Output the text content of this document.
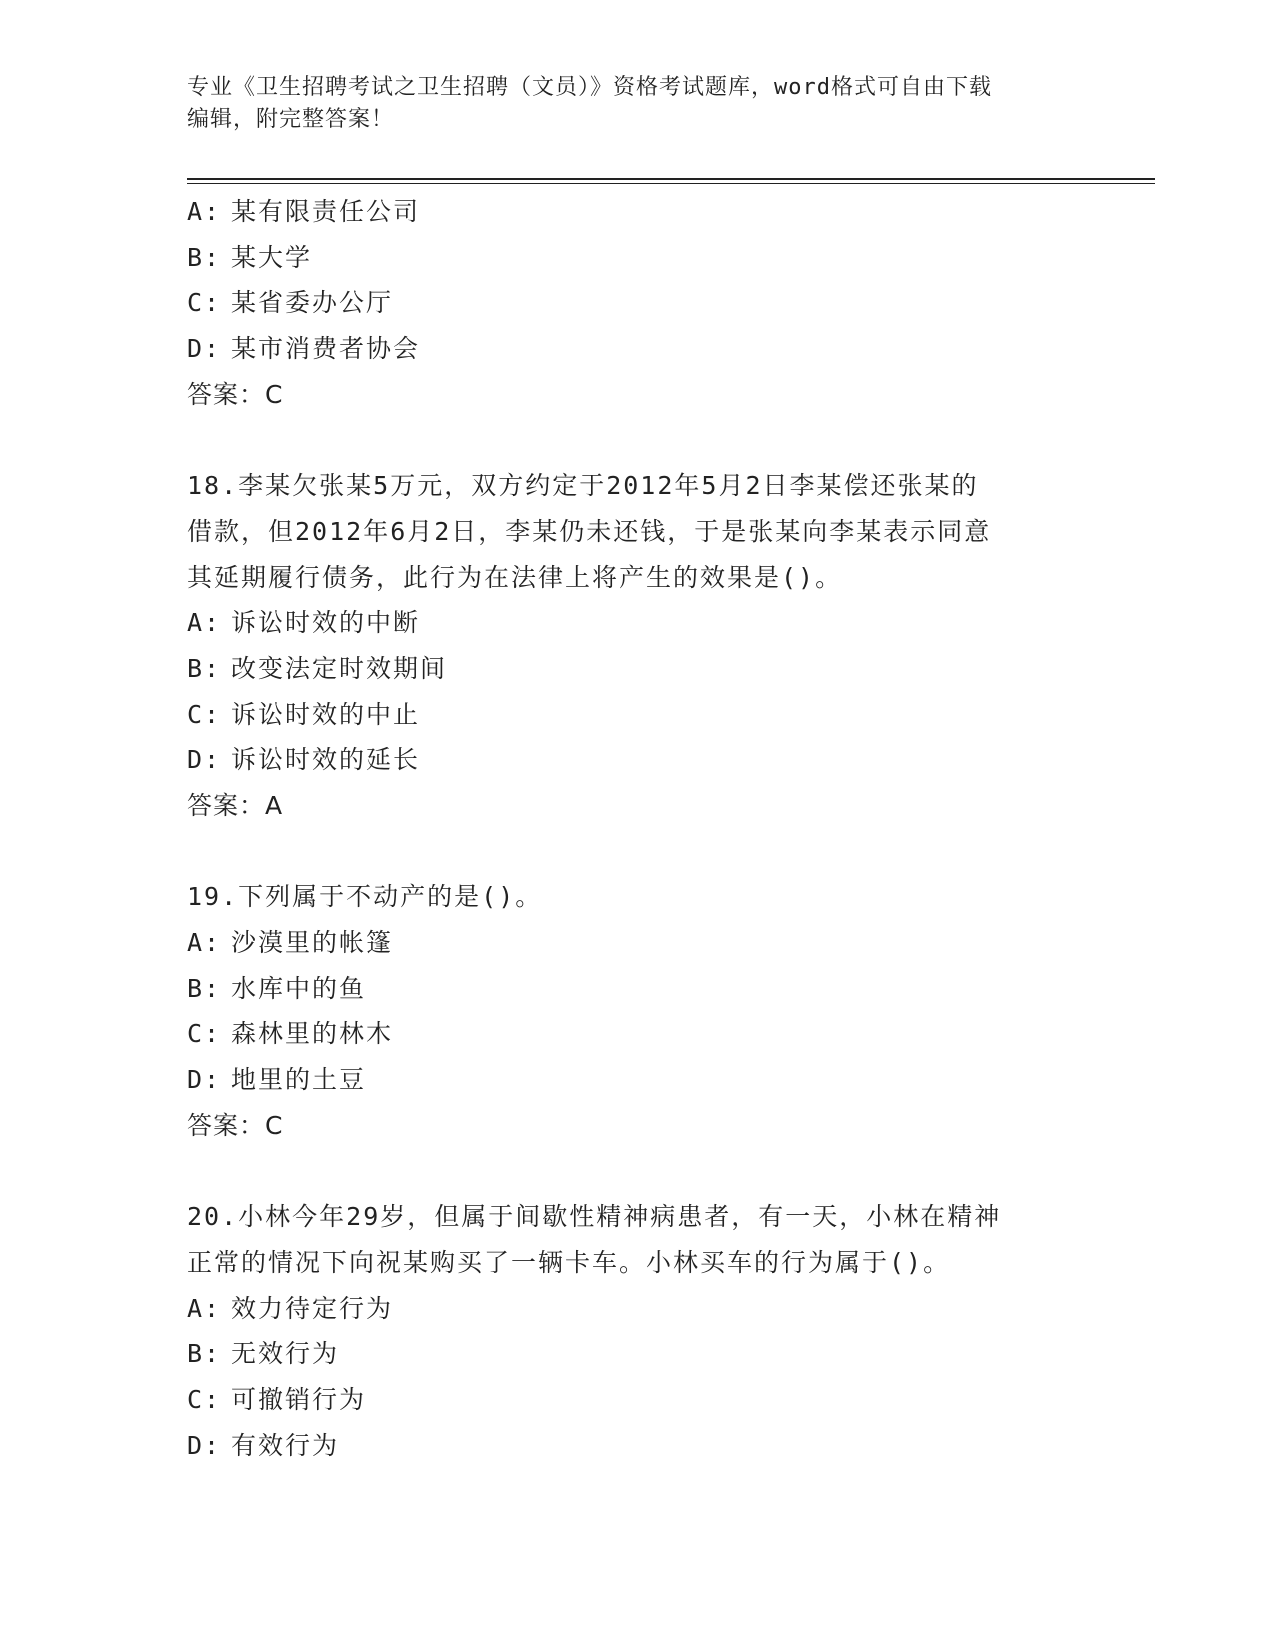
专业《卫生招聘考试之卫生招聘（文员）》资格考试题库，word格式可自由下载
编辑，附完整答案！
A: 某有限责任公司
B: 某大学
C: 某省委办公厅
D: 某市消费者协会
答案：C
18.李某欠张某5万元，双方约定于2012年5月2日李某偿还张某的
借款，但2012年6月2日，李某仍未还钱，于是张某向李某表示同意
其延期履行债务，此行为在法律上将产生的效果是()。
A: 诉讼时效的中断
B: 改变法定时效期间
C: 诉讼时效的中止
D: 诉讼时效的延长
答案：A
19.下列属于不动产的是()。
A: 沙漠里的帐篷
B: 水库中的鱼
C: 森林里的林木
D: 地里的土豆
答案：C
20.小林今年29岁，但属于间歇性精神病患者，有一天，小林在精神
正常的情况下向祝某购买了一辆卡车。小林买车的行为属于()。
A: 效力待定行为
B: 无效行为
C: 可撤销行为
D: 有效行为
